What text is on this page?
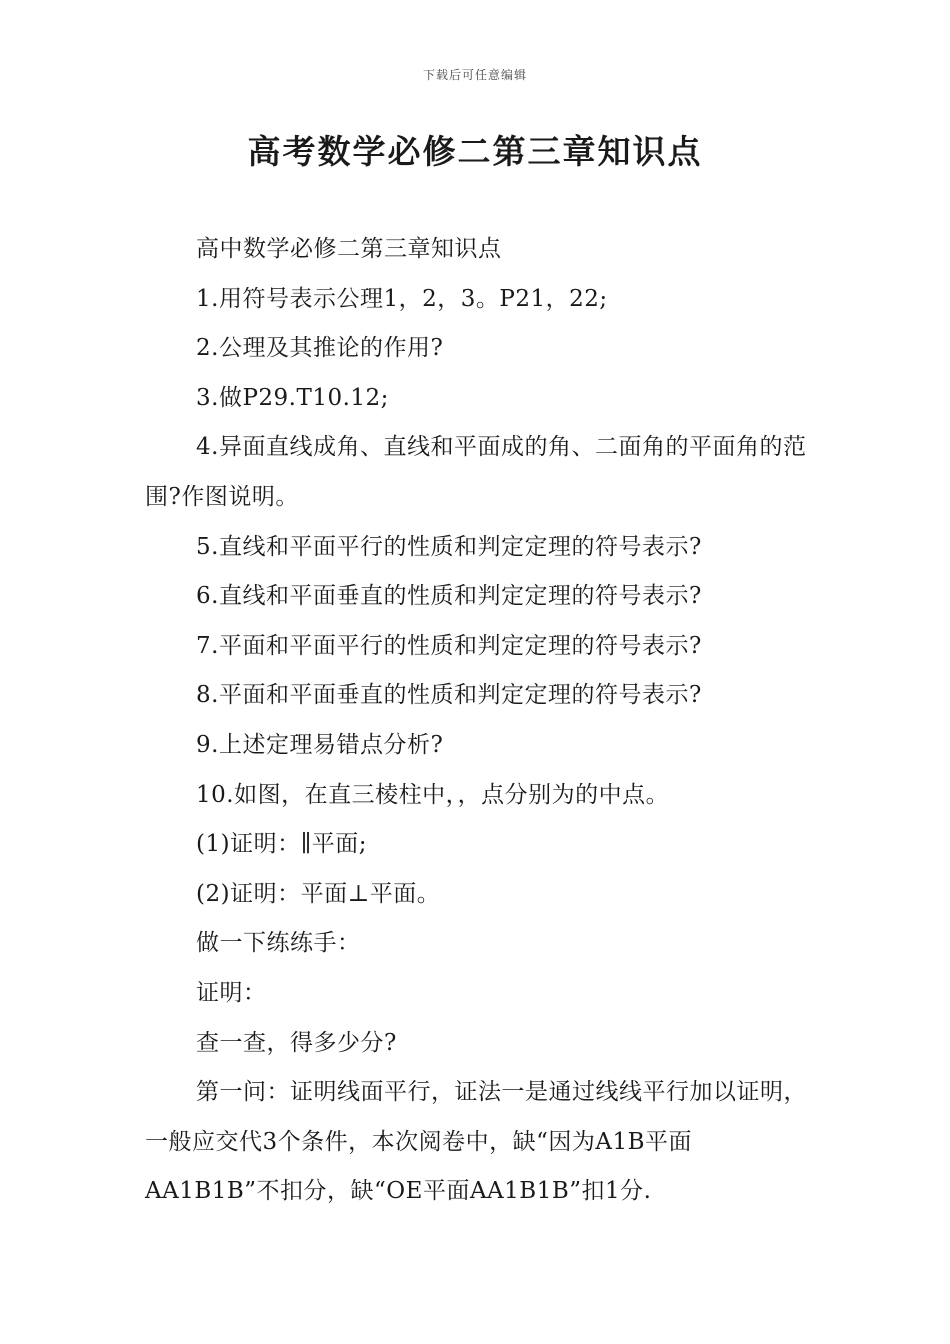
下载后可任意编辑
高考数学必修二第三章知识点

高中数学必修二第三章知识点

1.用符号表示公理1，2，3。P21，22;

2.公理及其推论的作用?

3.做P29.T10.12;

4.异面直线成角、直线和平面成的角、二面角的平面角的范围?作图说明。

5.直线和平面平行的性质和判定定理的符号表示?

6.直线和平面垂直的性质和判定定理的符号表示?

7.平面和平面平行的性质和判定定理的符号表示?

8.平面和平面垂直的性质和判定定理的符号表示?

9.上述定理易错点分析?

10.如图，在直三棱柱中，，点分别为的中点。

(1)证明：∥平面;

(2)证明：平面⊥平面。

做一下练练手：

证明：

查一查，得多少分?

第一问：证明线面平行，证法一是通过线线平行加以证明，一般应交代3个条件，本次阅卷中，缺“因为A1B平面AA1B1B”不扣分，缺“OE平面AA1B1B”扣1分.
